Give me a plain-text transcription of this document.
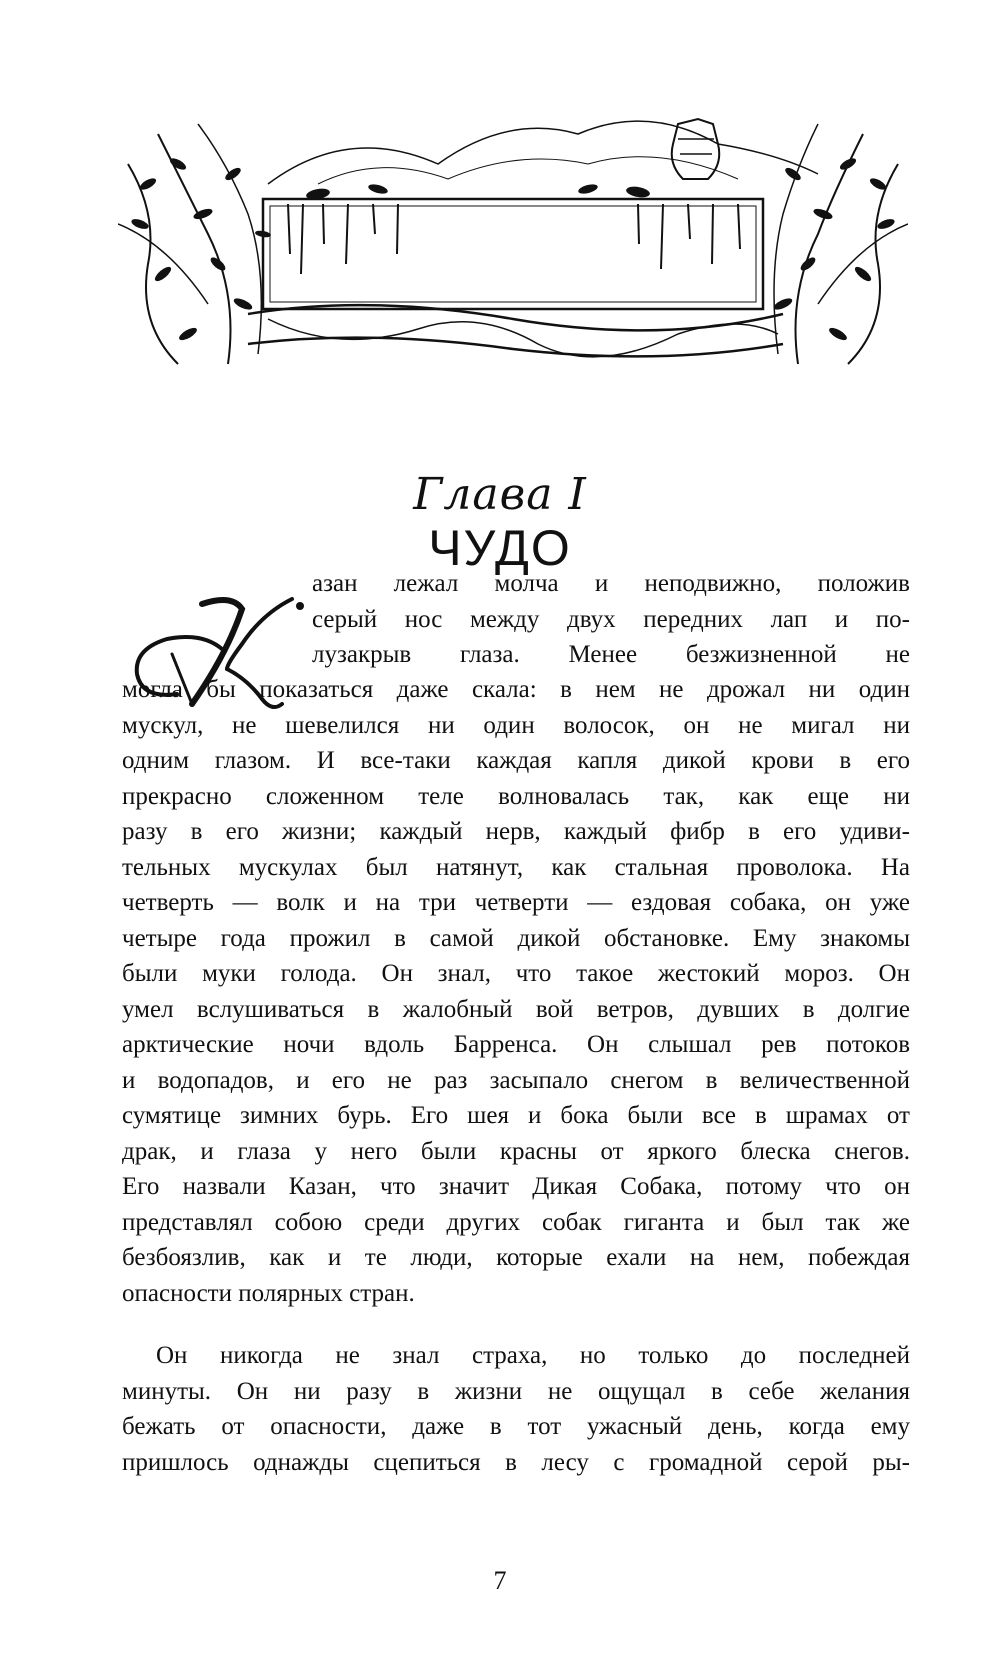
Глава I
ЧУДО
К
азан лежал молча и неподвижно, положив
серый нос между двух передних лап и по-
лузакрыв глаза. Менее безжизненной не
могла бы показаться даже скала: в нем не дрожал ни один
мускул, не шевелился ни один волосок, он не мигал ни
одним глазом. И все-таки каждая капля дикой крови в его
прекрасно сложенном теле волновалась так, как еще ни
разу в его жизни; каждый нерв, каждый фибр в его удиви-
тельных мускулах был натянут, как стальная проволока. На
четверть — волк и на три четверти — ездовая собака, он уже
четыре года прожил в самой дикой обстановке. Ему знакомы
были муки голода. Он знал, что такое жестокий мороз. Он
умел вслушиваться в жалобный вой ветров, дувших в долгие
арктические ночи вдоль Барренса. Он слышал рев потоков
и водопадов, и его не раз засыпало снегом в величественной
сумятице зимних бурь. Его шея и бока были все в шрамах от
драк, и глаза у него были красны от яркого блеска снегов.
Его назвали Казан, что значит Дикая Собака, потому что он
представлял собою среди других собак гиганта и был так же
безбоязлив, как и те люди, которые ехали на нем, побеждая
опасности полярных стран.
Он никогда не знал страха, но только до последней
минуты. Он ни разу в жизни не ощущал в себе желания
бежать от опасности, даже в тот ужасный день, когда ему
пришлось однажды сцепиться в лесу с громадной серой ры-
7
